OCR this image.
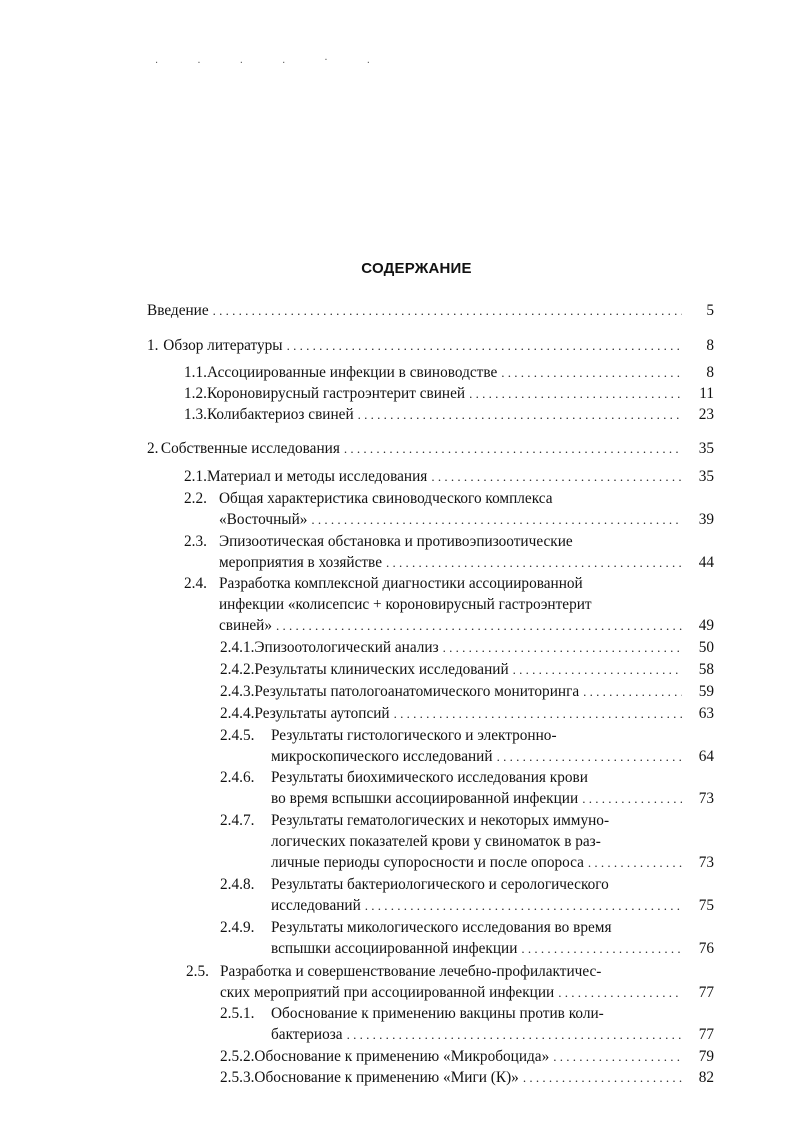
. . . . · .
СОДЕРЖАНИЕ
Введение . . .	5
1. Обзор литературы . . .	8
1.1. Ассоциированные инфекции в свиноводстве . . .	8
1.2. Короновирусный гастроэнтерит свиней . . .	11
1.3. Колибактериоз свиней . . .	23
2. Собственные исследования . . .	35
2.1. Материал и методы исследования . . .	35
2.2. Общая характеристика свиноводческого комплекса
«Восточный» . . .	39
2.3. Эпизоотическая обстановка и противоэпизоотические
мероприятия в хозяйстве . . .	44
2.4. Разработка комплексной диагностики ассоциированной
инфекции «колисепсис + короновирусный гастроэнтерит
свиней» . . .	49
2.4.1. Эпизоотологический анализ . . .	50
2.4.2. Результаты клинических исследований . . .	58
2.4.3. Результаты патологоанатомического мониторинга . . .	59
2.4.4. Результаты аутопсий . . .	63
2.4.5. Результаты гистологического и электронно-
микроскопического исследований . . .	64
2.4.6. Результаты биохимического исследования крови
во время вспышки ассоциированной инфекции . . .	73
2.4.7. Результаты гематологических и некоторых иммуно-
логических показателей крови у свиноматок в раз-
личные периоды супоросности и после опороса . . .	73
2.4.8. Результаты бактериологического и серологического
исследований . . .	75
2.4.9. Результаты микологического исследования во время
вспышки ассоциированной инфекции . . .	76
2.5. Разработка и совершенствование лечебно-профилактичес-
ских мероприятий при ассоциированной инфекции . . .	77
2.5.1. Обоснование к применению вакцины против коли-
бактериоза . . .	77
2.5.2. Обоснование к применению «Микробоцида» . . .	79
2.5.3. Обоснование к применению «Миги (К)» . . .	82
